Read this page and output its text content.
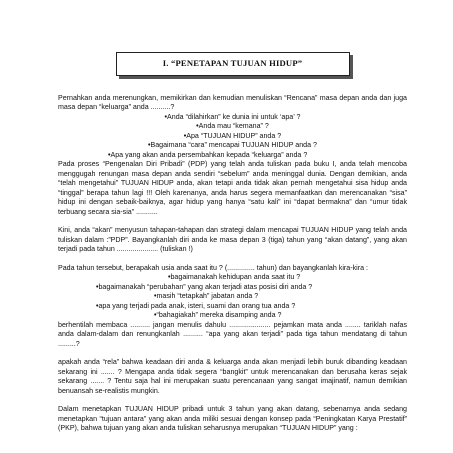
I. “PENETAPAN TUJUAN HIDUP”
Pernahkan anda merenungkan, memikirkan dan kemudian menuliskan “Rencana” masa depan anda dan juga masa depan “keluarga” anda ..........?
• Anda “dilahirkan” ke dunia ini untuk ‘apa’ ?
• Anda mau “kemana” ?
• Apa “TUJUAN HIDUP” anda ?
• Bagaimana “cara” mencapai TUJUAN HIDUP anda ?
• Apa yang akan anda persembahkan kepada “keluarga” anda ?
Pada proses “Pengenalan Diri Pribadi” (PDP) yang telah anda tuliskan pada buku I, anda telah mencoba menggugah renungan masa depan anda sendiri “sebelum” anda meninggal dunia. Dengan demikian, anda “telah mengetahui” TUJUAN HIDUP anda, akan tetapi anda tidak akan pernah mengetahui sisa hidup anda “tinggal” berapa tahun lagi !!! Oleh karenanya, anda harus segera memanfaatkan dan merencanakan “sisa” hidup ini dengan sebaik-baiknya, agar hidup yang hanya “satu kali” ini “dapat bermakna” dan “umur tidak terbuang secara sia-sia” ...........
Kini, anda “akan” menyusun tahapan-tahapan dan strategi dalam mencapai TUJUAN HIDUP yang telah anda tuliskan dalam :”PDP”. Bayangkanlah diri anda ke masa depan 3 (tiga) tahun yang “akan datang”, yang akan terjadi pada tahun ..................... (tuliskan !)
Pada tahun tersebut, berapakah usia anda saat itu ? (.............. tahun) dan bayangkanlah kira-kira :
• bagaimanakah kehidupan anda saat itu ?
• bagaimanakah “perubahan” yang akan terjadi atas posisi diri anda ?
• masih “tetapkah” jabatan anda ?
• apa yang terjadi pada anak, isteri, suami dan orang tua anda ?
• “bahagiakah” mereka disamping anda ?
berhentilah membaca .......... jangan menulis dahulu ..................... pejamkan mata anda ........ tariklah nafas anda dalam-dalam dan renungkanlah .......... “apa yang akan terjadi” pada tiga tahun mendatang di tahun .........?
apakah anda “rela” bahwa keadaan diri anda & keluarga anda akan menjadi lebih buruk dibanding keadaan sekarang ini ....... ? Mengapa anda tidak segera “bangkit” untuk merencanakan dan berusaha keras sejak sekarang ....... ? Tentu saja hal ini merupakan suatu perencanaan yang sangat imajinatif, namun demikian benuansah se-realistis mungkin.
Dalam menetapkan TUJUAN HIDUP pribadi untuk 3 tahun yang akan datang, sebenarnya anda sedang menetapkan “tujuan antara” yang akan anda miliki sesuai dengan konsep pada “Peningkatan Karya Prestatif” (PKP), bahwa tujuan yang akan anda tuliskan seharusnya merupakan “TUJUAN HIDUP” yang :
